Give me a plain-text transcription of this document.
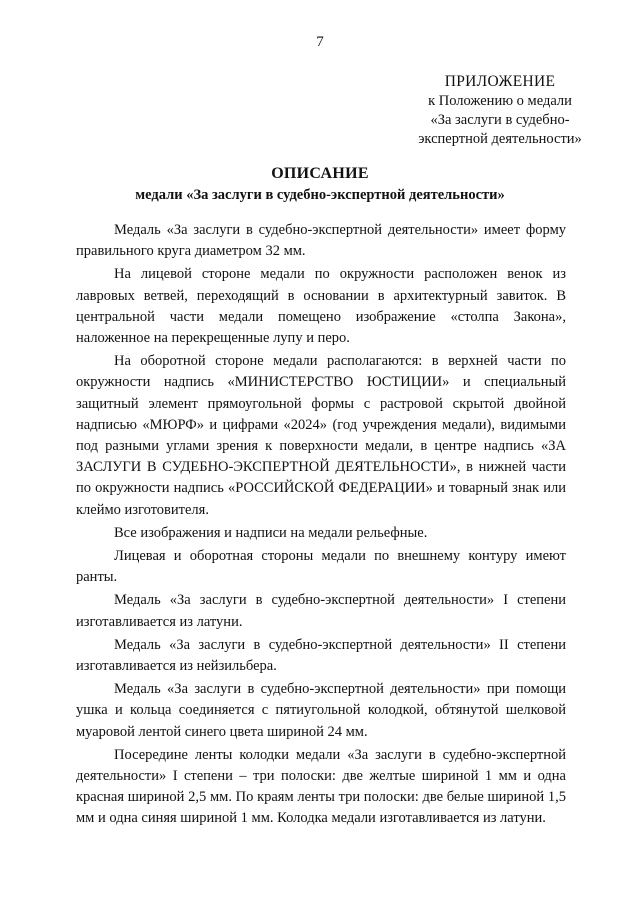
7
ПРИЛОЖЕНИЕ
к Положению о медали
«За заслуги в судебно-
экспертной деятельности»
ОПИСАНИЕ
медали «За заслуги в судебно-экспертной деятельности»

Медаль «За заслуги в судебно-экспертной деятельности» имеет форму правильного круга диаметром 32 мм.

На лицевой стороне медали по окружности расположен венок из лавровых ветвей, переходящий в основании в архитектурный завиток. В центральной части медали помещено изображение «столпа Закона», наложенное на перекрещенные лупу и перо.

На оборотной стороне медали располагаются: в верхней части по окружности надпись «МИНИСТЕРСТВО ЮСТИЦИИ» и специальный защитный элемент прямоугольной формы с растровой скрытой двойной надписью «МЮРФ» и цифрами «2024» (год учреждения медали), видимыми под разными углами зрения к поверхности медали, в центре надпись «ЗА ЗАСЛУГИ В СУДЕБНО-ЭКСПЕРТНОЙ ДЕЯТЕЛЬНОСТИ», в нижней части по окружности надпись «РОССИЙСКОЙ ФЕДЕРАЦИИ» и товарный знак или клеймо изготовителя.

Все изображения и надписи на медали рельефные.

Лицевая и оборотная стороны медали по внешнему контуру имеют ранты.

Медаль «За заслуги в судебно-экспертной деятельности» I степени изготавливается из латуни.

Медаль «За заслуги в судебно-экспертной деятельности» II степени изготавливается из нейзильбера.

Медаль «За заслуги в судебно-экспертной деятельности» при помощи ушка и кольца соединяется с пятиугольной колодкой, обтянутой шелковой муаровой лентой синего цвета шириной 24 мм.

Посередине ленты колодки медали «За заслуги в судебно-экспертной деятельности» I степени – три полоски: две желтые шириной 1 мм и одна красная шириной 2,5 мм. По краям ленты три полоски: две белые шириной 1,5 мм и одна синяя шириной 1 мм. Колодка медали изготавливается из латуни.
